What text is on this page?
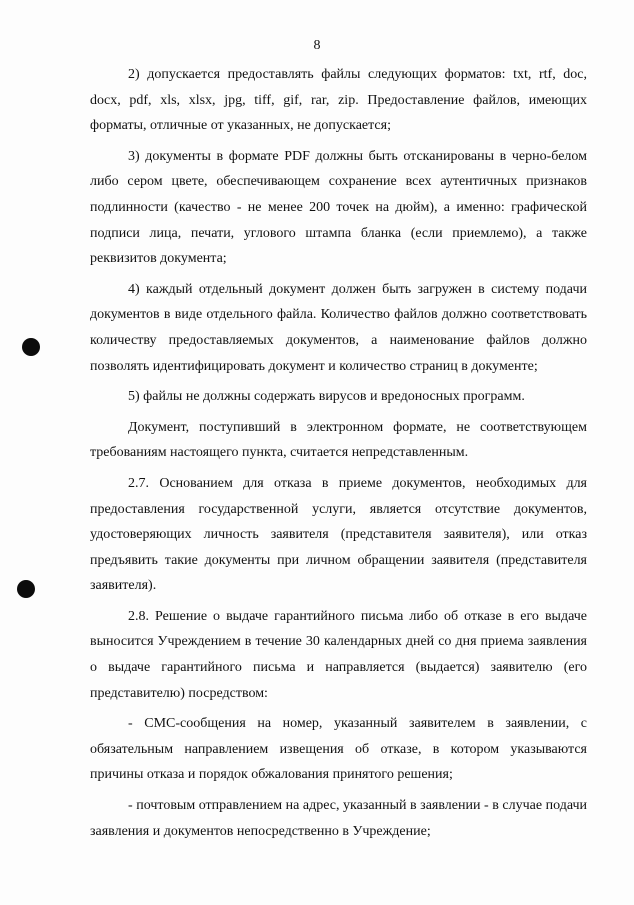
8

2) допускается предоставлять файлы следующих форматов: txt, rtf, doc, docx, pdf, xls, xlsx, jpg, tiff, gif, rar, zip. Предоставление файлов, имеющих форматы, отличные от указанных, не допускается;

3) документы в формате PDF должны быть отсканированы в черно-белом либо сером цвете, обеспечивающем сохранение всех аутентичных признаков подлинности (качество - не менее 200 точек на дюйм), а именно: графической подписи лица, печати, углового штампа бланка (если приемлемо), а также реквизитов документа;

4) каждый отдельный документ должен быть загружен в систему подачи документов в виде отдельного файла. Количество файлов должно соответствовать количеству предоставляемых документов, а наименование файлов должно позволять идентифицировать документ и количество страниц в документе;

5) файлы не должны содержать вирусов и вредоносных программ.

Документ, поступивший в электронном формате, не соответствующем требованиям настоящего пункта, считается непредставленным.

2.7. Основанием для отказа в приеме документов, необходимых для предоставления государственной услуги, является отсутствие документов, удостоверяющих личность заявителя (представителя заявителя), или отказ предъявить такие документы при личном обращении заявителя (представителя заявителя).

2.8. Решение о выдаче гарантийного письма либо об отказе в его выдаче выносится Учреждением в течение 30 календарных дней со дня приема заявления о выдаче гарантийного письма и направляется (выдается) заявителю (его представителю) посредством:

- СМС-сообщения на номер, указанный заявителем в заявлении, с обязательным направлением извещения об отказе, в котором указываются причины отказа и порядок обжалования принятого решения;

- почтовым отправлением на адрес, указанный в заявлении - в случае подачи заявления и документов непосредственно в Учреждение;
